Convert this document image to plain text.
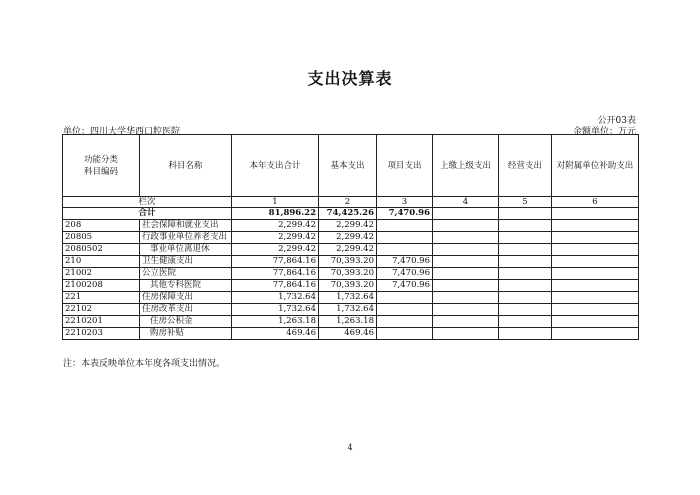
支出决算表
公开03表
单位：四川大学华西口腔医院	金额单位：万元
功能分类
科目编码	科目名称	本年支出合计	基本支出	项目支出	上缴上级支出	经营支出	对附属单位补助支出
栏次		1	2	3	4	5	6
合计		81,896.22	74,425.26	7,470.96			
208	社会保障和就业支出	2,299.42	2,299.42				
20805	行政事业单位养老支出	2,299.42	2,299.42				
2080502	事业单位离退休	2,299.42	2,299.42				
210	卫生健康支出	77,864.16	70,393.20	7,470.96			
21002	公立医院	77,864.16	70,393.20	7,470.96			
2100208	其他专科医院	77,864.16	70,393.20	7,470.96			
221	住房保障支出	1,732.64	1,732.64				
22102	住房改革支出	1,732.64	1,732.64				
2210201	住房公积金	1,263.18	1,263.18				
2210203	购房补贴	469.46	469.46				
注：本表反映单位本年度各项支出情况。
4
